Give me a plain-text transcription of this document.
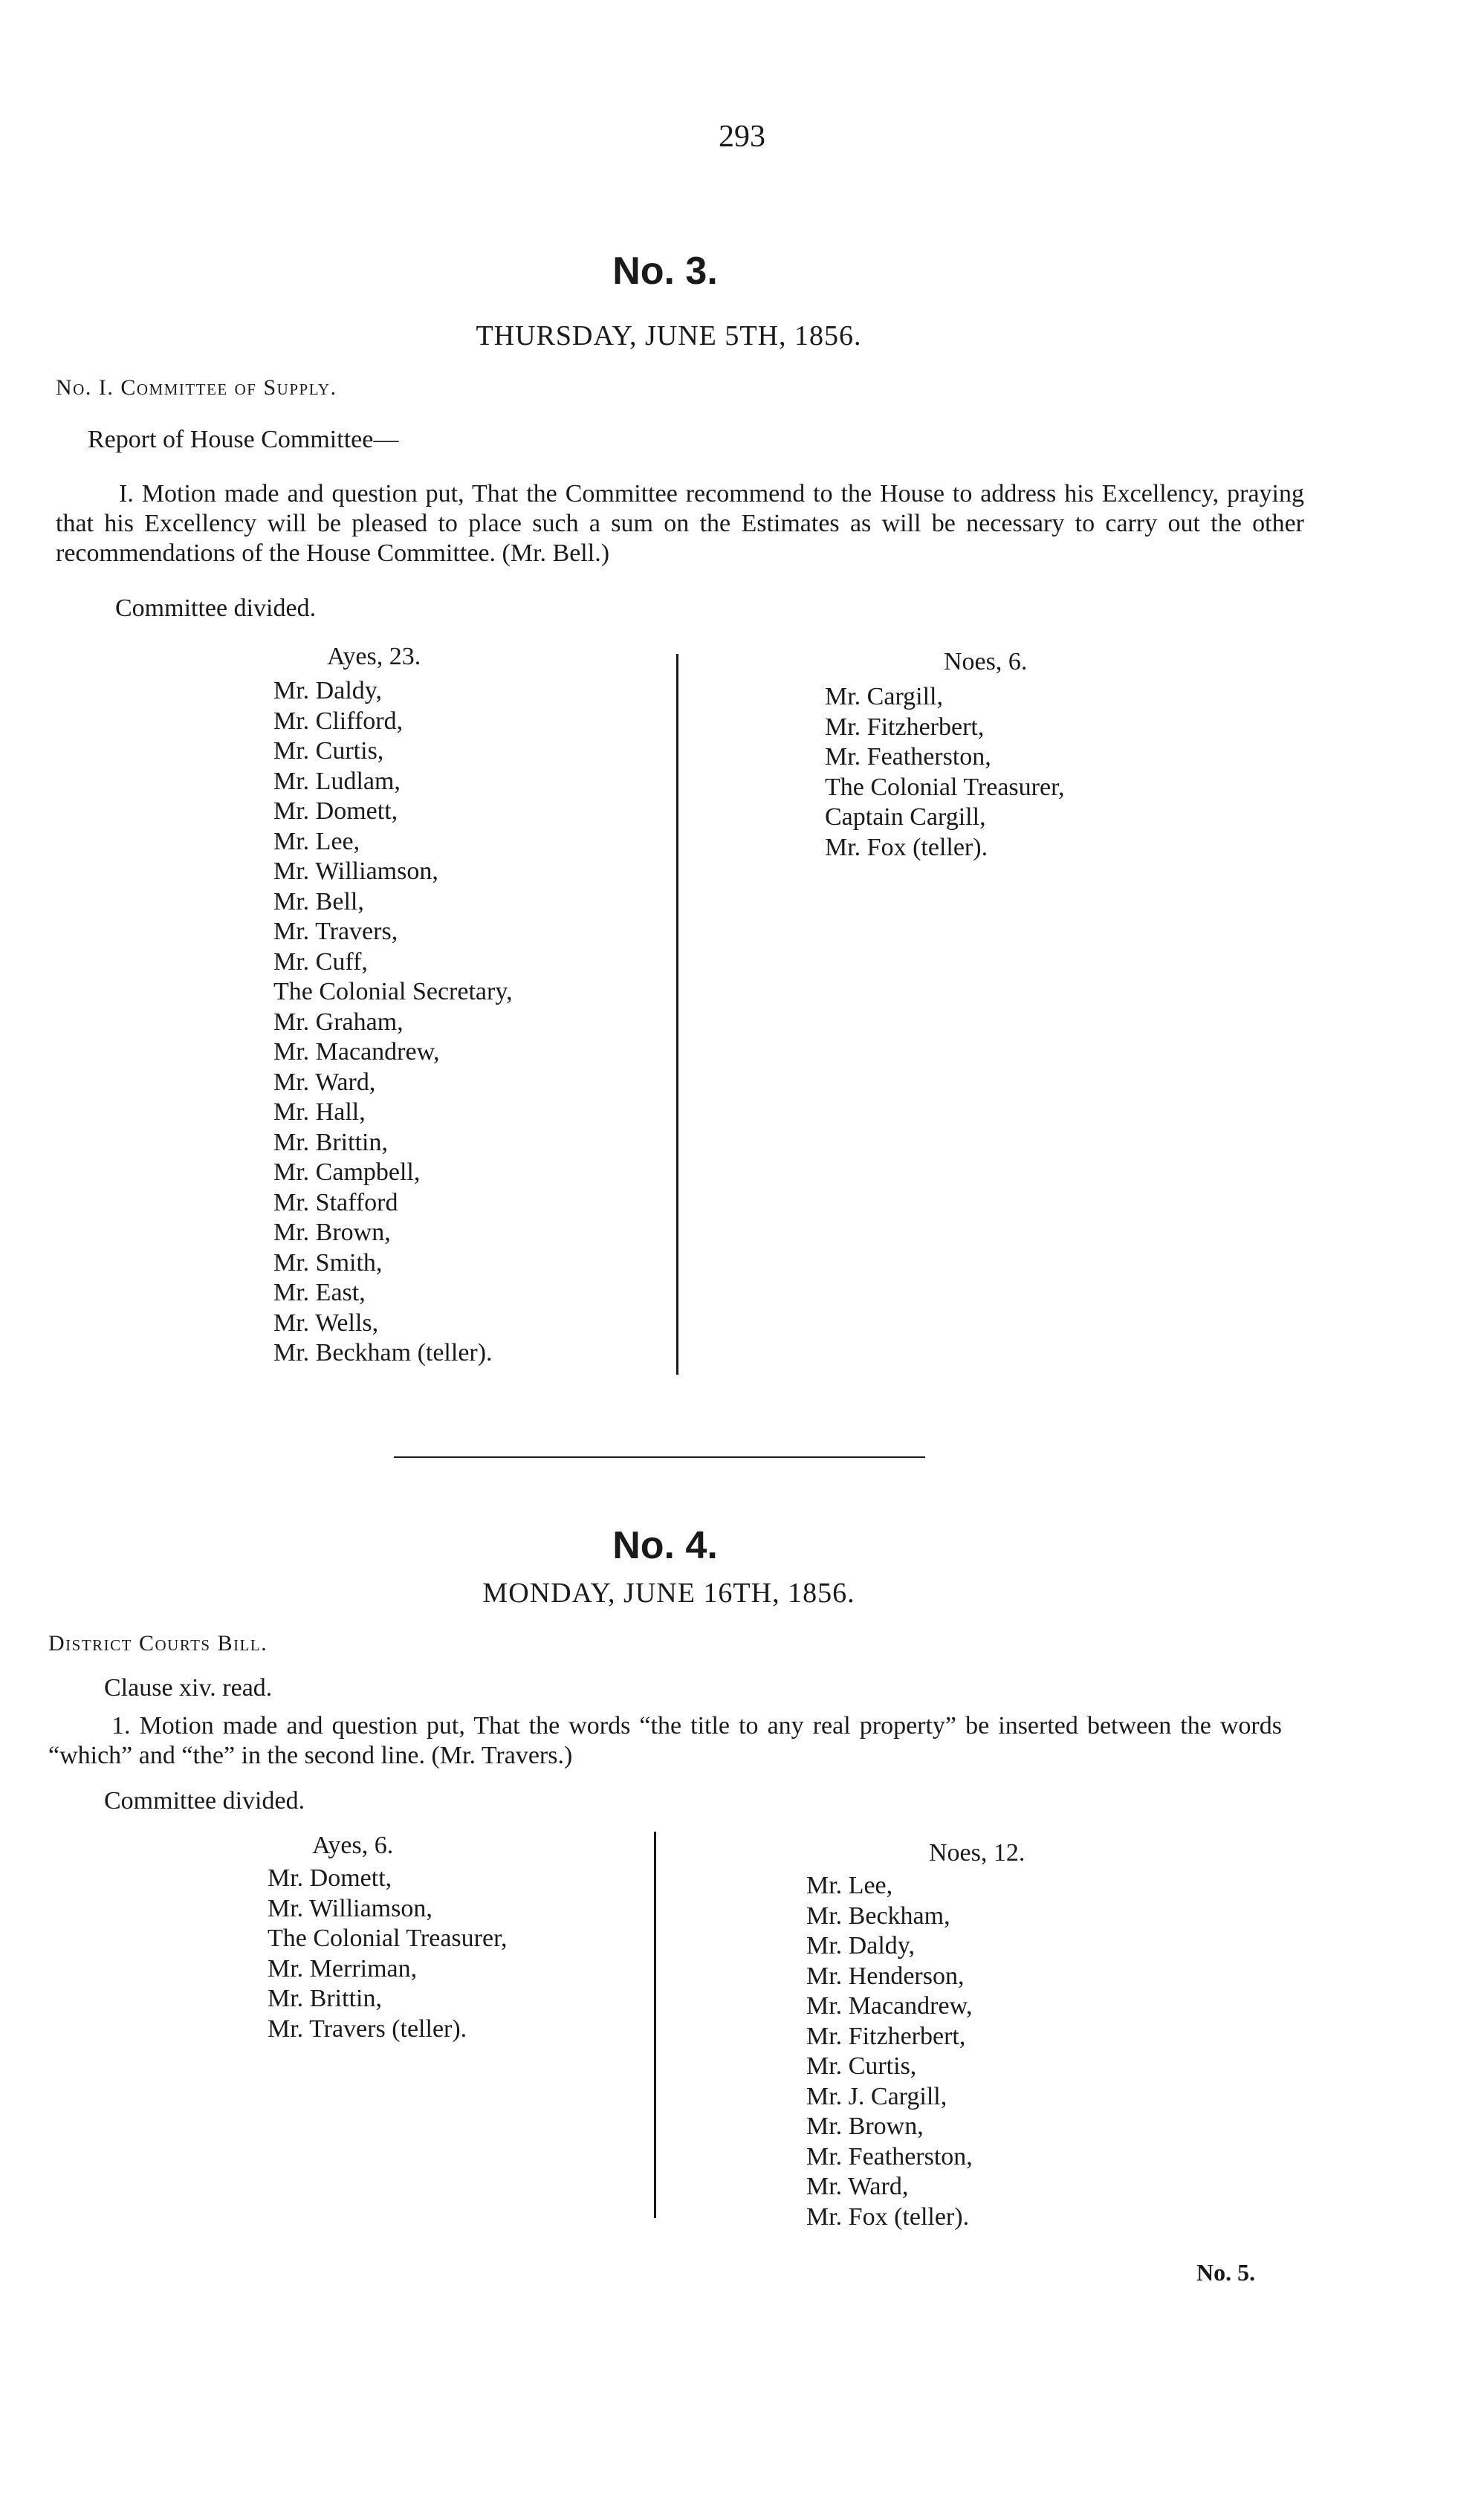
293
No. 3.
THURSDAY, JUNE 5TH, 1856.
No. I. Committee of Supply.
Report of House Committee—
I. Motion made and question put, That the Committee recommend to the House to address his Excellency, praying that his Excellency will be pleased to place such a sum on the Estimates as will be necessary to carry out the other recommendations of the House Committee. (Mr. Bell.)
Committee divided.
Ayes, 23.
Mr. Daldy,
Mr. Clifford,
Mr. Curtis,
Mr. Ludlam,
Mr. Domett,
Mr. Lee,
Mr. Williamson,
Mr. Bell,
Mr. Travers,
Mr. Cuff,
The Colonial Secretary,
Mr. Graham,
Mr. Macandrew,
Mr. Ward,
Mr. Hall,
Mr. Brittin,
Mr. Campbell,
Mr. Stafford
Mr. Brown,
Mr. Smith,
Mr. East,
Mr. Wells,
Mr. Beckham (teller).
Noes, 6.
Mr. Cargill,
Mr. Fitzherbert,
Mr. Featherston,
The Colonial Treasurer,
Captain Cargill,
Mr. Fox (teller).
No. 4.
MONDAY, JUNE 16TH, 1856.
District Courts Bill.
Clause xiv. read.
1. Motion made and question put, That the words “the title to any real property” be inserted between the words “which” and “the” in the second line. (Mr. Travers.)
Committee divided.
Ayes, 6.
Mr. Domett,
Mr. Williamson,
The Colonial Treasurer,
Mr. Merriman,
Mr. Brittin,
Mr. Travers (teller).
Noes, 12.
Mr. Lee,
Mr. Beckham,
Mr. Daldy,
Mr. Henderson,
Mr. Macandrew,
Mr. Fitzherbert,
Mr. Curtis,
Mr. J. Cargill,
Mr. Brown,
Mr. Featherston,
Mr. Ward,
Mr. Fox (teller).
No. 5.
